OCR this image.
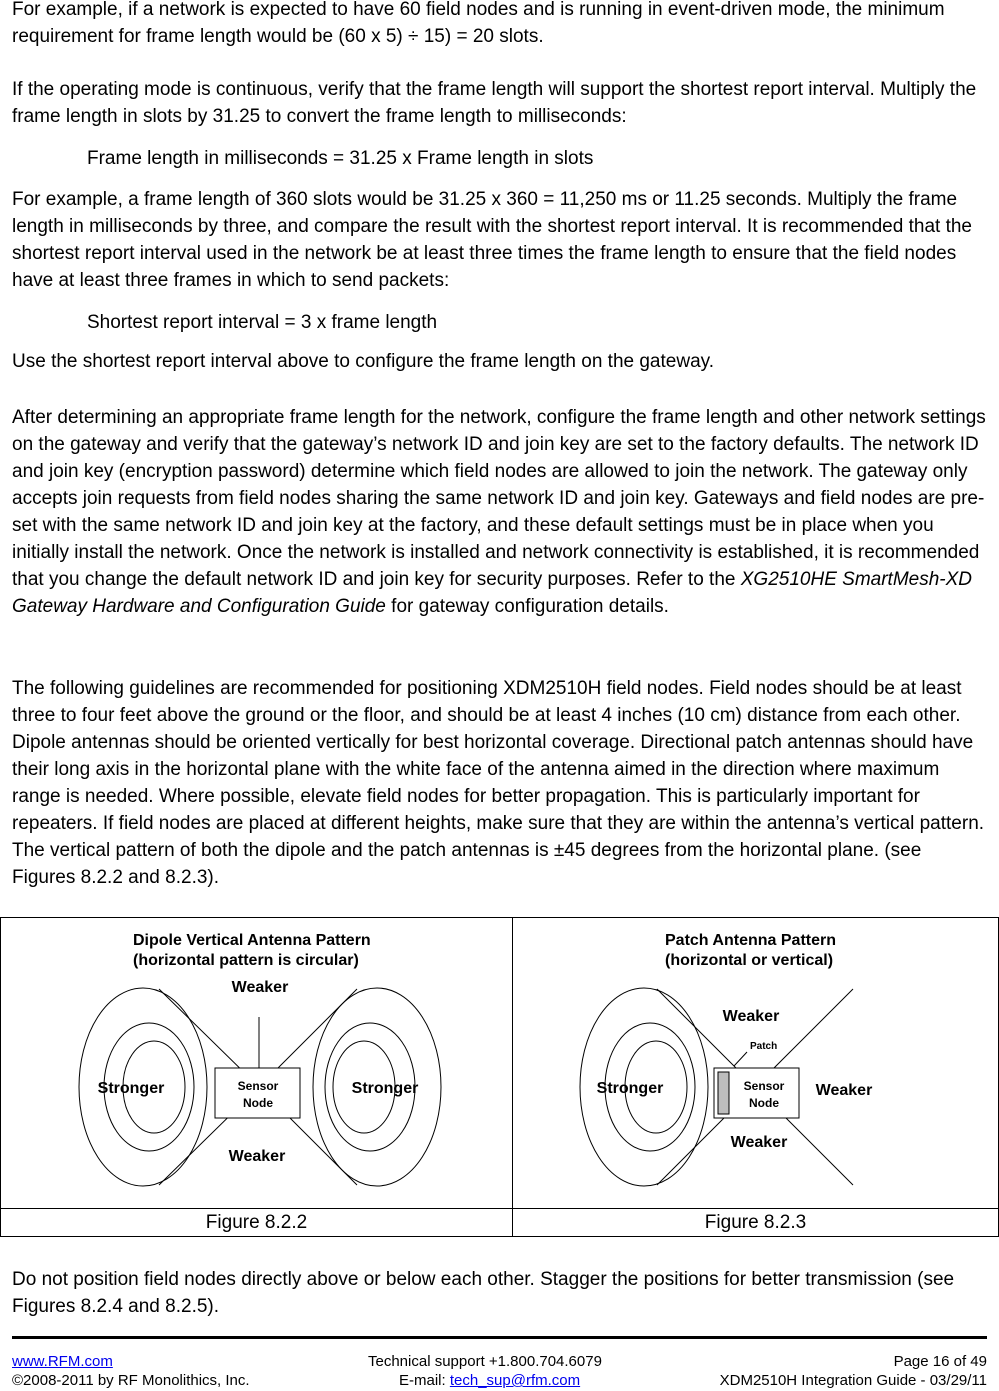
For example, if a network is expected to have 60 field nodes and is running in event-driven mode, the minimum requirement for frame length would be (60 x 5) ÷ 15) = 20 slots.

If the operating mode is continuous, verify that the frame length will support the shortest report interval. Multiply the frame length in slots by 31.25 to convert the frame length to milliseconds:

Frame length in milliseconds = 31.25 x Frame length in slots

For example, a frame length of 360 slots would be 31.25 x 360 = 11,250 ms or 11.25 seconds. Multiply the frame length in milliseconds by three, and compare the result with the shortest report interval. It is recommended that the shortest report interval used in the network be at least three times the frame length to ensure that the field nodes have at least three frames in which to send packets:

Shortest report interval = 3 x frame length

Use the shortest report interval above to configure the frame length on the gateway.

After determining an appropriate frame length for the network, configure the frame length and other network settings on the gateway and verify that the gateway’s network ID and join key are set to the factory defaults. The network ID and join key (encryption password) determine which field nodes are allowed to join the network. The gateway only accepts join requests from field nodes sharing the same network ID and join key. Gateways and field nodes are pre-set with the same network ID and join key at the factory, and these default settings must be in place when you initially install the network. Once the network is installed and network connectivity is established, it is recommended that you change the default network ID and join key for security purposes. Refer to the XG2510HE SmartMesh-XD Gateway Hardware and Configuration Guide for gateway configuration details.

The following guidelines are recommended for positioning XDM2510H field nodes. Field nodes should be at least three to four feet above the ground or the floor, and should be at least 4 inches (10 cm) distance from each other. Dipole antennas should be oriented vertically for best horizontal coverage. Directional patch antennas should have their long axis in the horizontal plane with the white face of the antenna aimed in the direction where maximum range is needed. Where possible, elevate field nodes for better propagation. This is particularly important for repeaters. If field nodes are placed at different heights, make sure that they are within the antenna’s vertical pattern. The vertical pattern of both the dipole and the patch antennas is ±45 degrees from the horizontal plane. (see Figures 8.2.2 and 8.2.3).

Dipole Vertical Antenna Pattern
(horizontal pattern is circular)
Sensor
Node
Weaker
Weaker
Stronger	Stronger
Patch Antenna Pattern
(horizontal or vertical)
Sensor
Node
Patch
Weaker
Weaker
Weaker
Stronger
Figure 8.2.2	Figure 8.2.3

Do not position field nodes directly above or below each other. Stagger the positions for better transmission (see Figures 8.2.4 and 8.2.5).

www.RFM.com
©2008-2011 by RF Monolithics, Inc.
Technical support +1.800.704.6079
E-mail: tech_sup@rfm.com
Page 16 of 49
XDM2510H Integration Guide - 03/29/11
